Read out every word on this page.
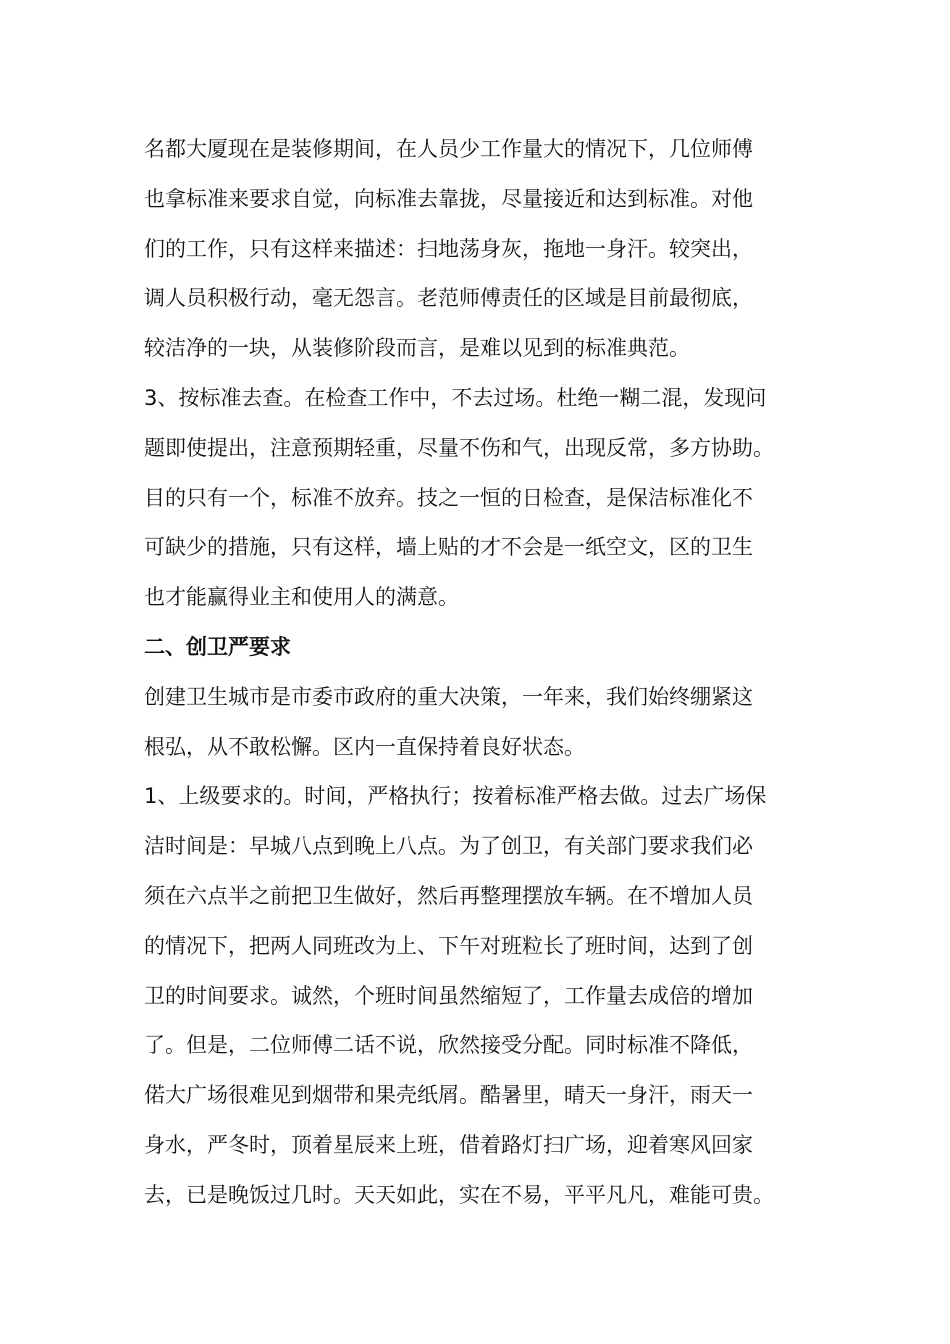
名都大厦现在是装修期间，在人员少工作量大的情况下，几位师傅
也拿标准来要求自觉，向标准去靠拢，尽量接近和达到标准。对他
们的工作，只有这样来描述：扫地荡身灰，拖地一身汗。较突出，
调人员积极行动，毫无怨言。老范师傅责任的区域是目前最彻底，
较洁净的一块，从装修阶段而言，是难以见到的标准典范。
3、按标准去查。在检查工作中，不去过场。杜绝一糊二混，发现问
题即使提出，注意预期轻重，尽量不伤和气，出现反常，多方协助。
目的只有一个，标准不放弃。技之一恒的日检查，是保洁标准化不
可缺少的措施，只有这样，墙上贴的才不会是一纸空文，区的卫生
也才能赢得业主和使用人的满意。
二、创卫严要求
创建卫生城市是市委市政府的重大决策，一年来，我们始终绷紧这
根弘，从不敢松懈。区内一直保持着良好状态。
1、上级要求的。时间，严格执行；按着标准严格去做。过去广场保
洁时间是：早城八点到晚上八点。为了创卫，有关部门要求我们必
须在六点半之前把卫生做好，然后再整理摆放车辆。在不增加人员
的情况下，把两人同班改为上、下午对班粒长了班时间，达到了创
卫的时间要求。诚然，个班时间虽然缩短了，工作量去成倍的增加
了。但是，二位师傅二话不说，欣然接受分配。同时标准不降低，
偌大广场很难见到烟带和果壳纸屑。酷暑里，晴天一身汗，雨天一
身水，严冬时，顶着星辰来上班，借着路灯扫广场，迎着寒风回家
去，已是晚饭过几时。天天如此，实在不易，平平凡凡，难能可贵。
